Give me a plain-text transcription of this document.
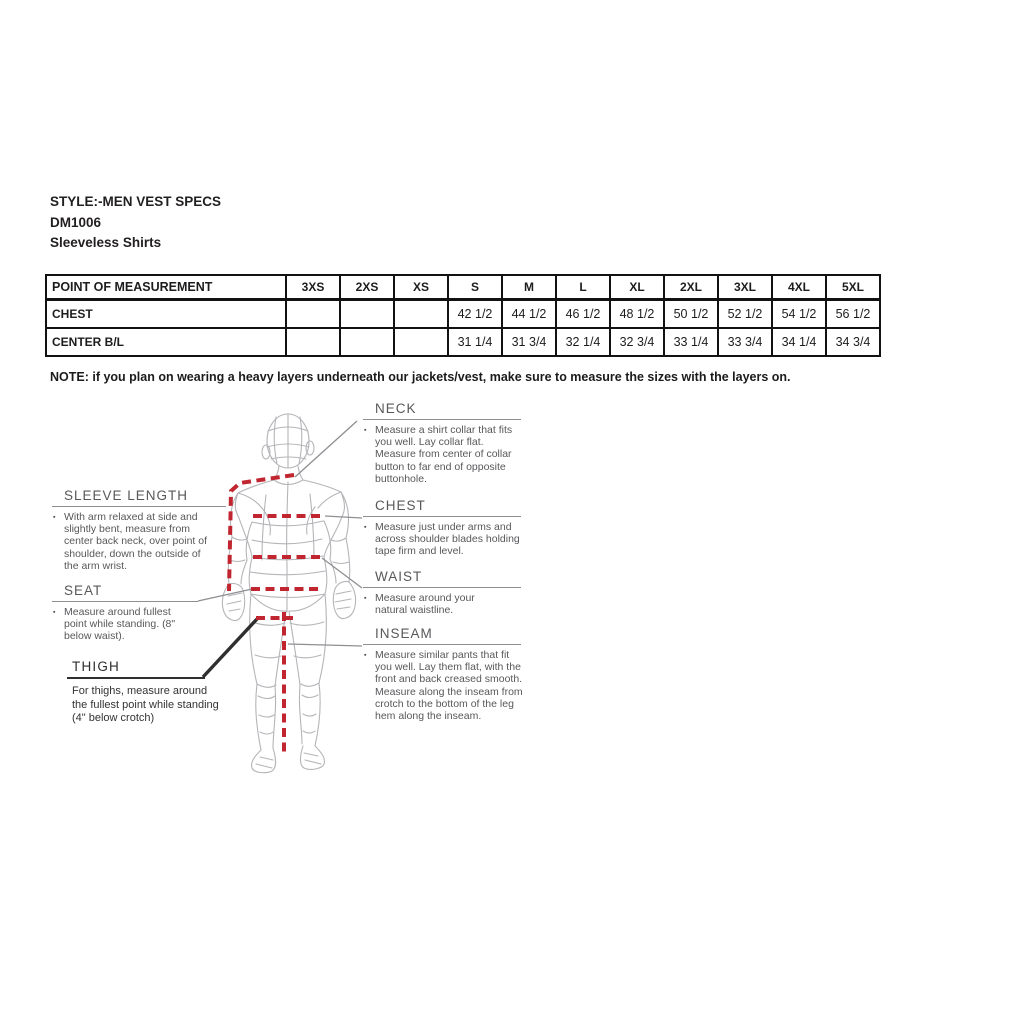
STYLE:-MEN VEST SPECS
DM1006
Sleeveless Shirts
POINT OF MEASUREMENT	3XS	2XS	XS	S	M	L	XL	2XL	3XL	4XL	5XL
CHEST				42 1/2	44 1/2	46 1/2	48 1/2	50 1/2	52 1/2	54 1/2	56 1/2
CENTER B/L				31 1/4	31 3/4	32 1/4	32 3/4	33 1/4	33 3/4	34 1/4	34 3/4
NOTE: if you plan on wearing a heavy layers underneath our jackets/vest, make sure to measure the sizes with the layers on.
NECK
▪ Measure a shirt collar that fits you well. Lay collar flat. Measure from center of collar button to far end of opposite buttonhole.
CHEST
▪ Measure just under arms and across shoulder blades holding tape firm and level.
WAIST
▪ Measure around your natural waistline.
INSEAM
▪ Measure similar pants that fit you well. Lay them flat, with the front and back creased smooth. Measure along the inseam from crotch to the bottom of the leg hem along the inseam.
SLEEVE LENGTH
▪ With arm relaxed at side and slightly bent, measure from center back neck, over point of shoulder, down the outside of the arm wrist.
SEAT
▪ Measure around fullest point while standing. (8" below waist).
THIGH
For thighs, measure around the fullest point while standing (4" below crotch)
